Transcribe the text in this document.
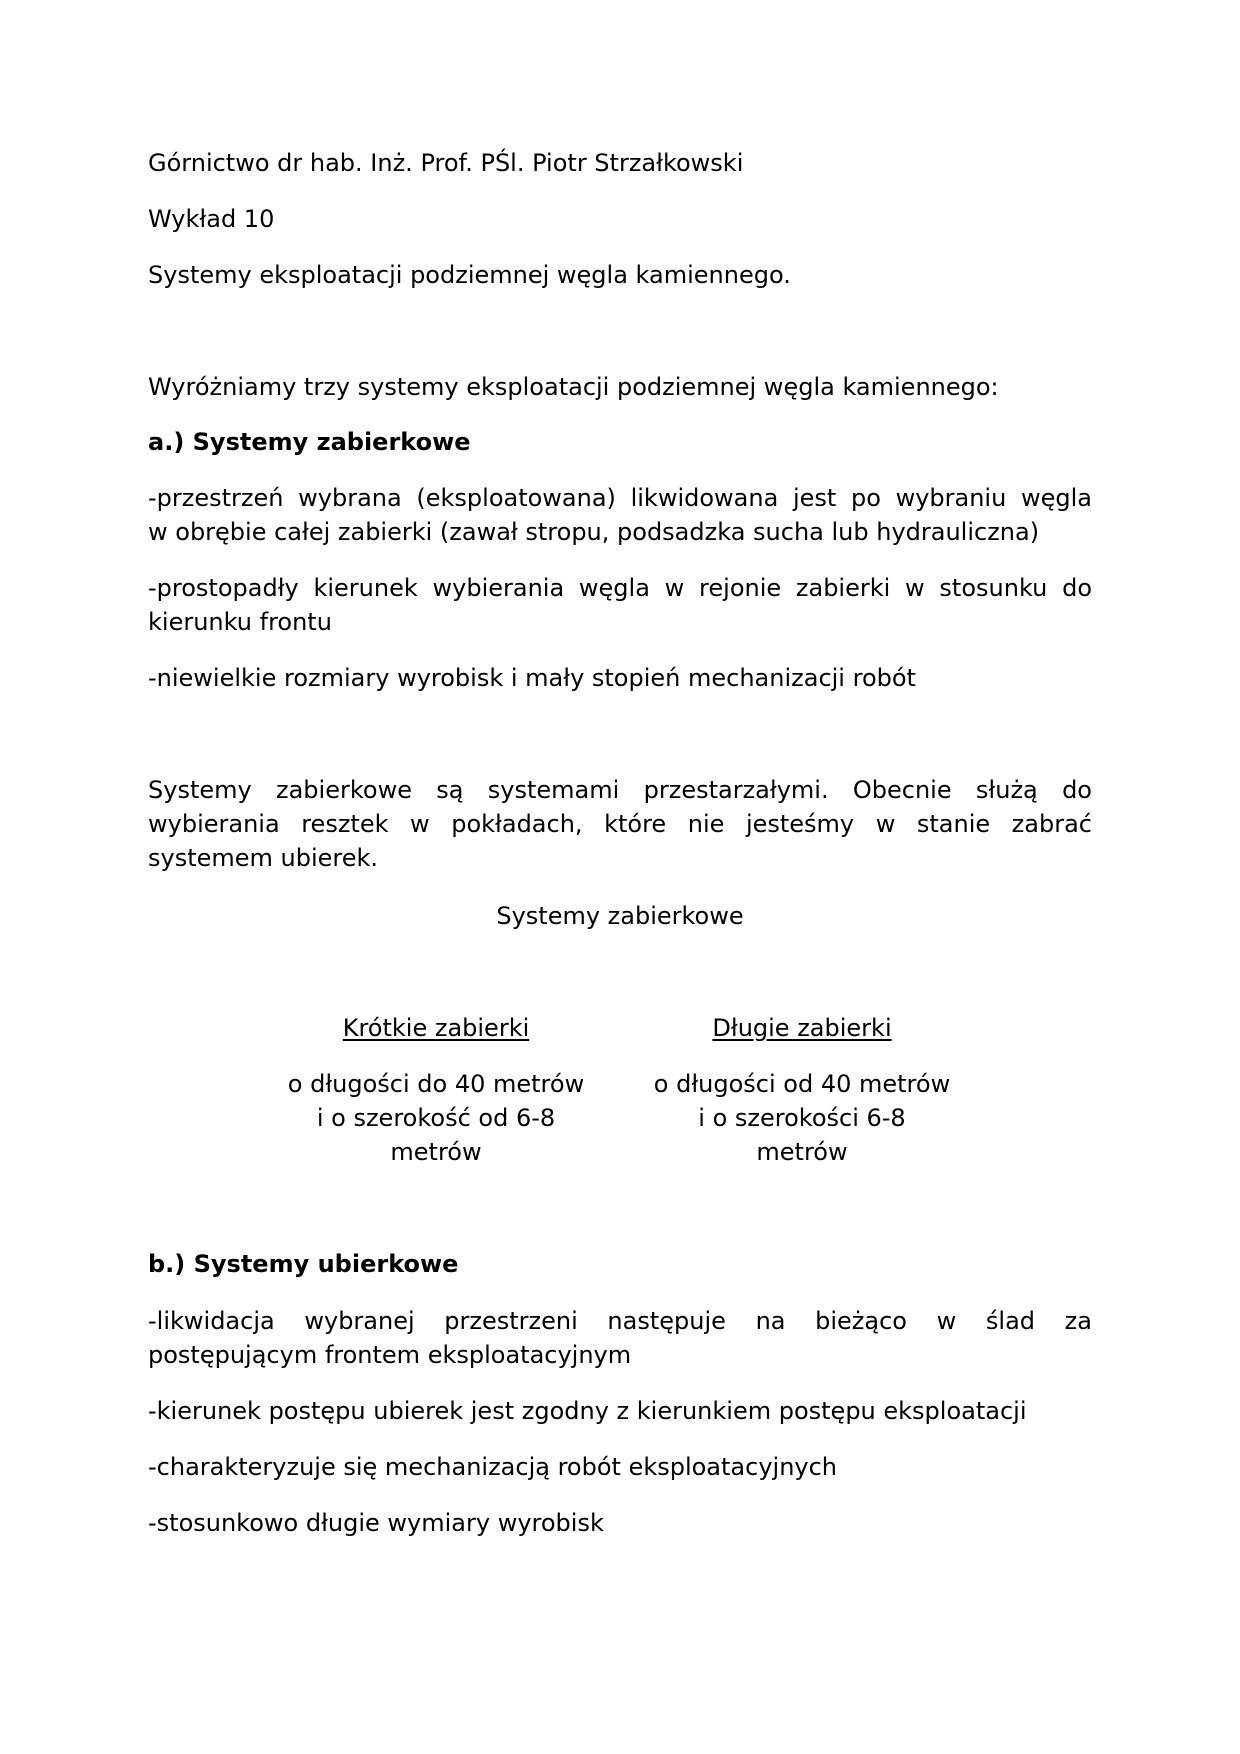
Górnictwo dr hab. Inż. Prof. PŚl. Piotr Strzałkowski
Wykład 10
Systemy eksploatacji podziemnej węgla kamiennego.
Wyróżniamy trzy systemy eksploatacji podziemnej węgla kamiennego:
a.) Systemy zabierkowe
-przestrzeń wybrana (eksploatowana) likwidowana jest po wybraniu węgla
w obrębie całej zabierki (zawał stropu, podsadzka sucha lub hydrauliczna)
-prostopadły kierunek wybierania węgla w rejonie zabierki w stosunku do
kierunku frontu
-niewielkie rozmiary wyrobisk i mały stopień mechanizacji robót
Systemy zabierkowe są systemami przestarzałymi. Obecnie służą do
wybierania resztek w pokładach, które nie jesteśmy w stanie zabrać
systemem ubierek.
Systemy zabierkowe
Krótkie zabierki
o długości do 40 metrów
i o szerokość od 6-8
metrów
Długie zabierki
o długości od 40 metrów
i o szerokości 6-8
metrów
b.) Systemy ubierkowe
-likwidacja wybranej przestrzeni następuje na bieżąco w ślad za
postępującym frontem eksploatacyjnym
-kierunek postępu ubierek jest zgodny z kierunkiem postępu eksploatacji
-charakteryzuje się mechanizacją robót eksploatacyjnych
-stosunkowo długie wymiary wyrobisk
